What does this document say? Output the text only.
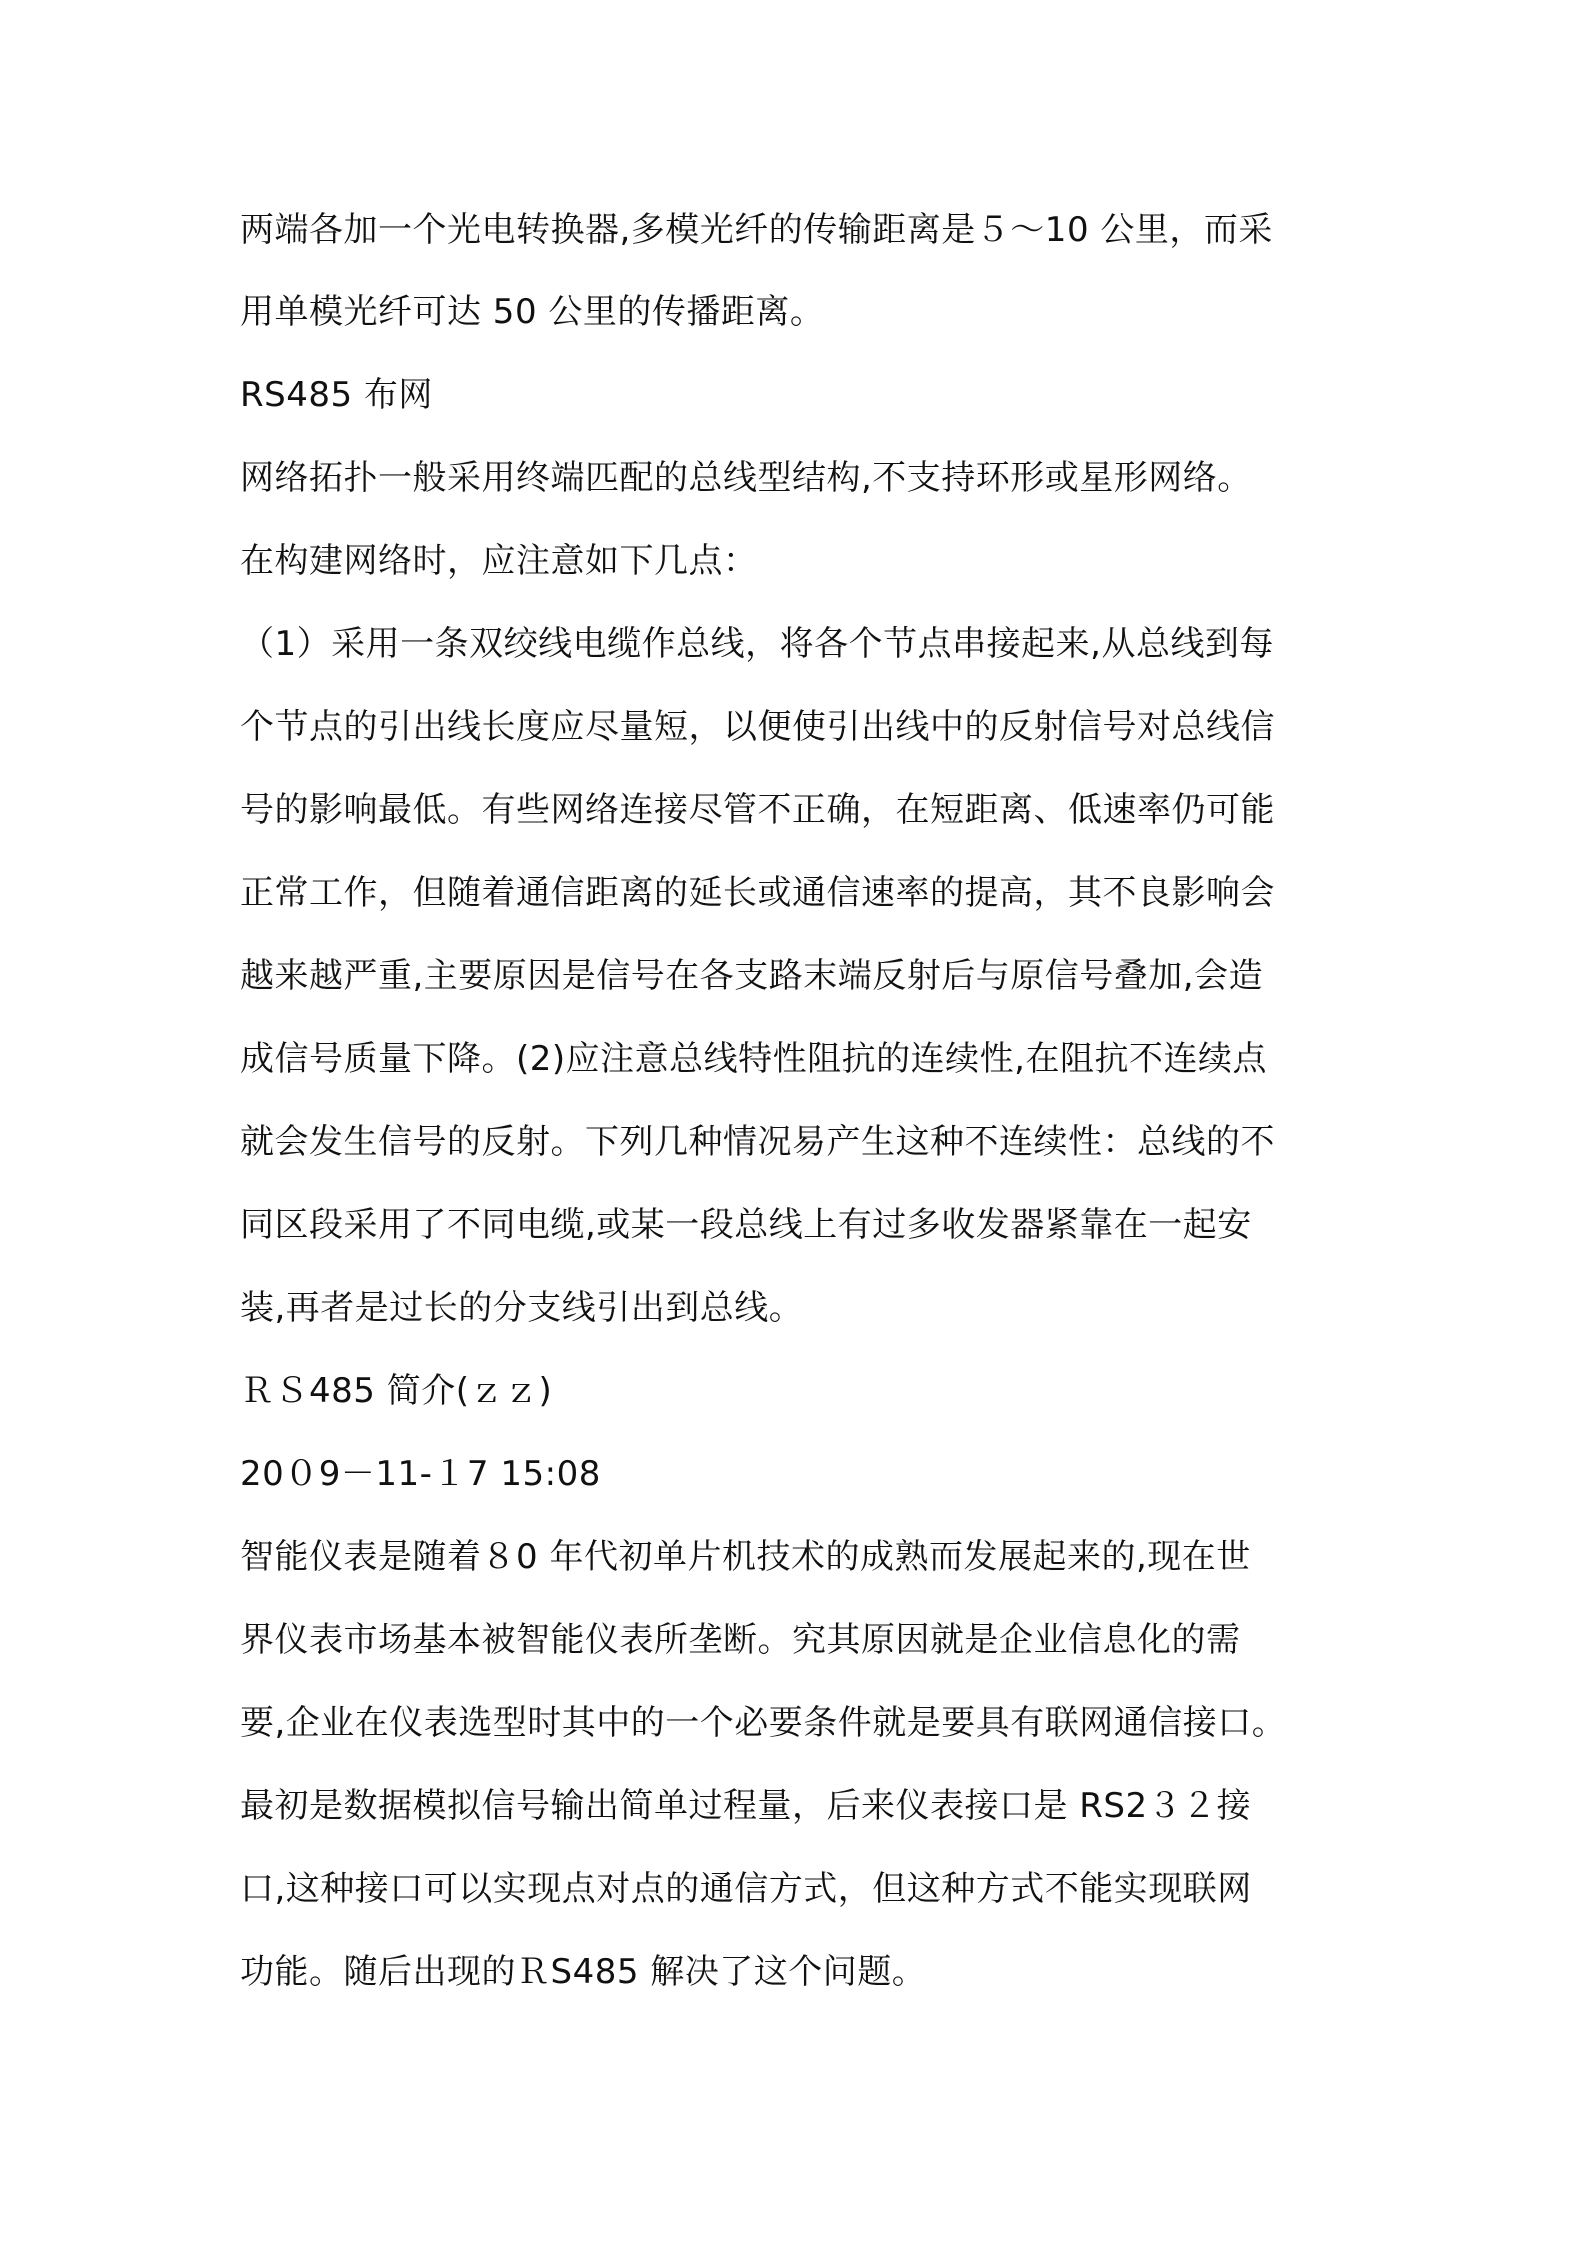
两端各加一个光电转换器,多模光纤的传输距离是５～10 公里，而采
用单模光纤可达 50 公里的传播距离。
RS485 布网
网络拓扑一般采用终端匹配的总线型结构,不支持环形或星形网络。
在构建网络时，应注意如下几点：
（1）采用一条双绞线电缆作总线，将各个节点串接起来,从总线到每
个节点的引出线长度应尽量短，以便使引出线中的反射信号对总线信
号的影响最低。有些网络连接尽管不正确，在短距离、低速率仍可能
正常工作，但随着通信距离的延长或通信速率的提高，其不良影响会
越来越严重,主要原因是信号在各支路末端反射后与原信号叠加,会造
成信号质量下降。(2)应注意总线特性阻抗的连续性,在阻抗不连续点
就会发生信号的反射。下列几种情况易产生这种不连续性：总线的不
同区段采用了不同电缆,或某一段总线上有过多收发器紧靠在一起安
装,再者是过长的分支线引出到总线。
ＲＳ485 简介(ｚｚ)
20０9－11-１7 15:08
智能仪表是随着８0 年代初单片机技术的成熟而发展起来的,现在世
界仪表市场基本被智能仪表所垄断。究其原因就是企业信息化的需
要,企业在仪表选型时其中的一个必要条件就是要具有联网通信接口。
最初是数据模拟信号输出简单过程量，后来仪表接口是 RS2３２接
口,这种接口可以实现点对点的通信方式，但这种方式不能实现联网
功能。随后出现的ＲS485 解决了这个问题。
